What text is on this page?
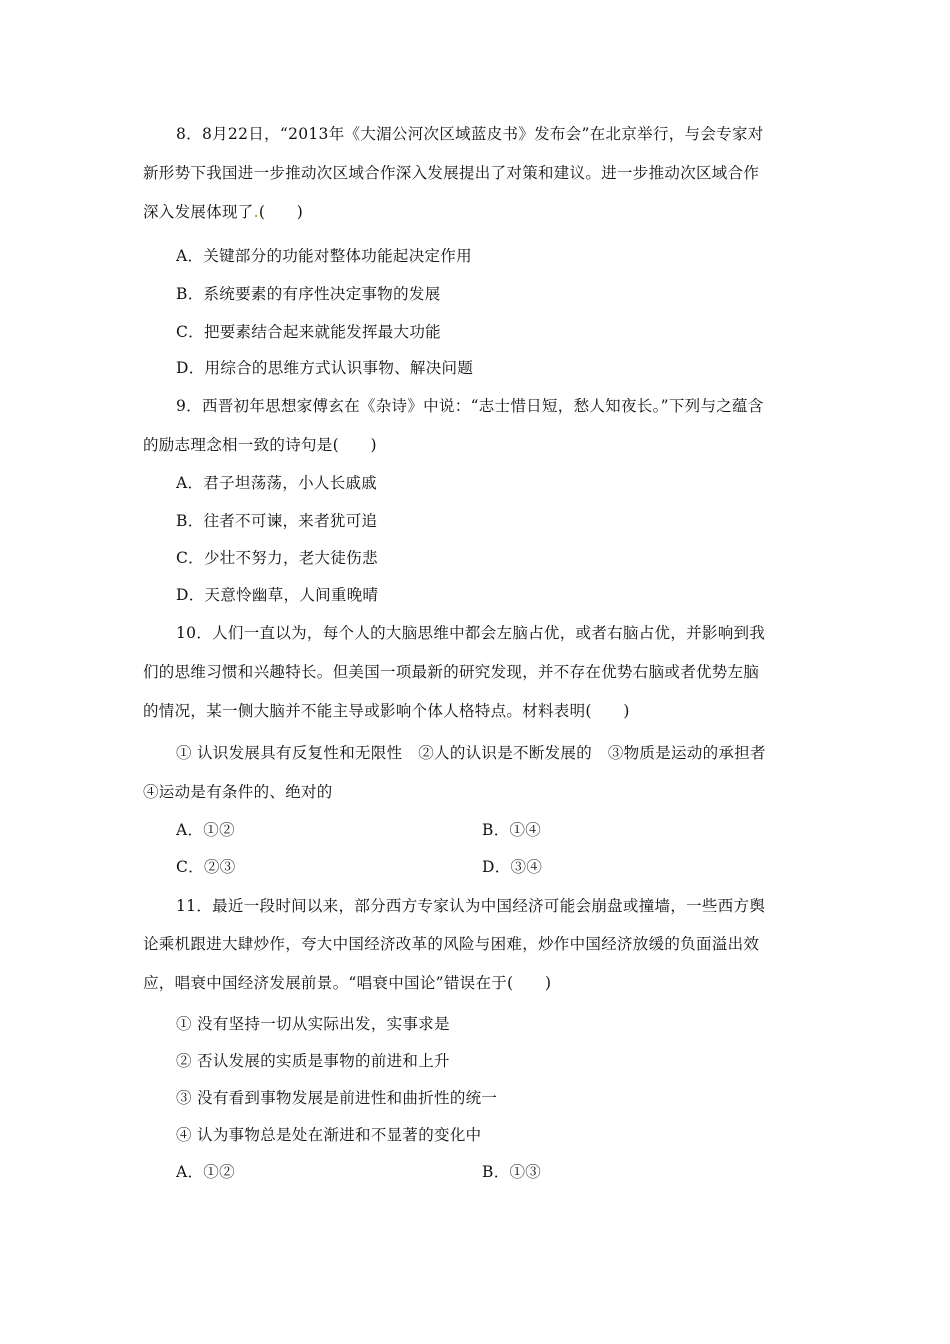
8．8月22日，“2013年《大湄公河次区域蓝皮书》发布会”在北京举行，与会专家对
新形势下我国进一步推动次区域合作深入发展提出了对策和建议。进一步推动次区域合作
深入发展体现了.(　　)
A．关键部分的功能对整体功能起决定作用
B．系统要素的有序性决定事物的发展
C．把要素结合起来就能发挥最大功能
D．用综合的思维方式认识事物、解决问题
9．西晋初年思想家傅玄在《杂诗》中说：“志士惜日短，愁人知夜长。”下列与之蕴含
的励志理念相一致的诗句是(　　)
A．君子坦荡荡，小人长戚戚
B．往者不可谏，来者犹可追
C．少壮不努力，老大徒伤悲
D．天意怜幽草，人间重晚晴
10．人们一直以为，每个人的大脑思维中都会左脑占优，或者右脑占优，并影响到我
们的思维习惯和兴趣特长。但美国一项最新的研究发现，并不存在优势右脑或者优势左脑
的情况，某一侧大脑并不能主导或影响个体人格特点。材料表明(　　)
① 认识发展具有反复性和无限性　②人的认识是不断发展的　③物质是运动的承担者
④运动是有条件的、绝对的
A．①②	B．①④
C．②③	D．③④
11．最近一段时间以来，部分西方专家认为中国经济可能会崩盘或撞墙，一些西方舆
论乘机跟进大肆炒作，夸大中国经济改革的风险与困难，炒作中国经济放缓的负面溢出效
应，唱衰中国经济发展前景。“唱衰中国论”错误在于(　　)
① 没有坚持一切从实际出发，实事求是
② 否认发展的实质是事物的前进和上升
③ 没有看到事物发展是前进性和曲折性的统一
④ 认为事物总是处在渐进和不显著的变化中
A．①②	B．①③
